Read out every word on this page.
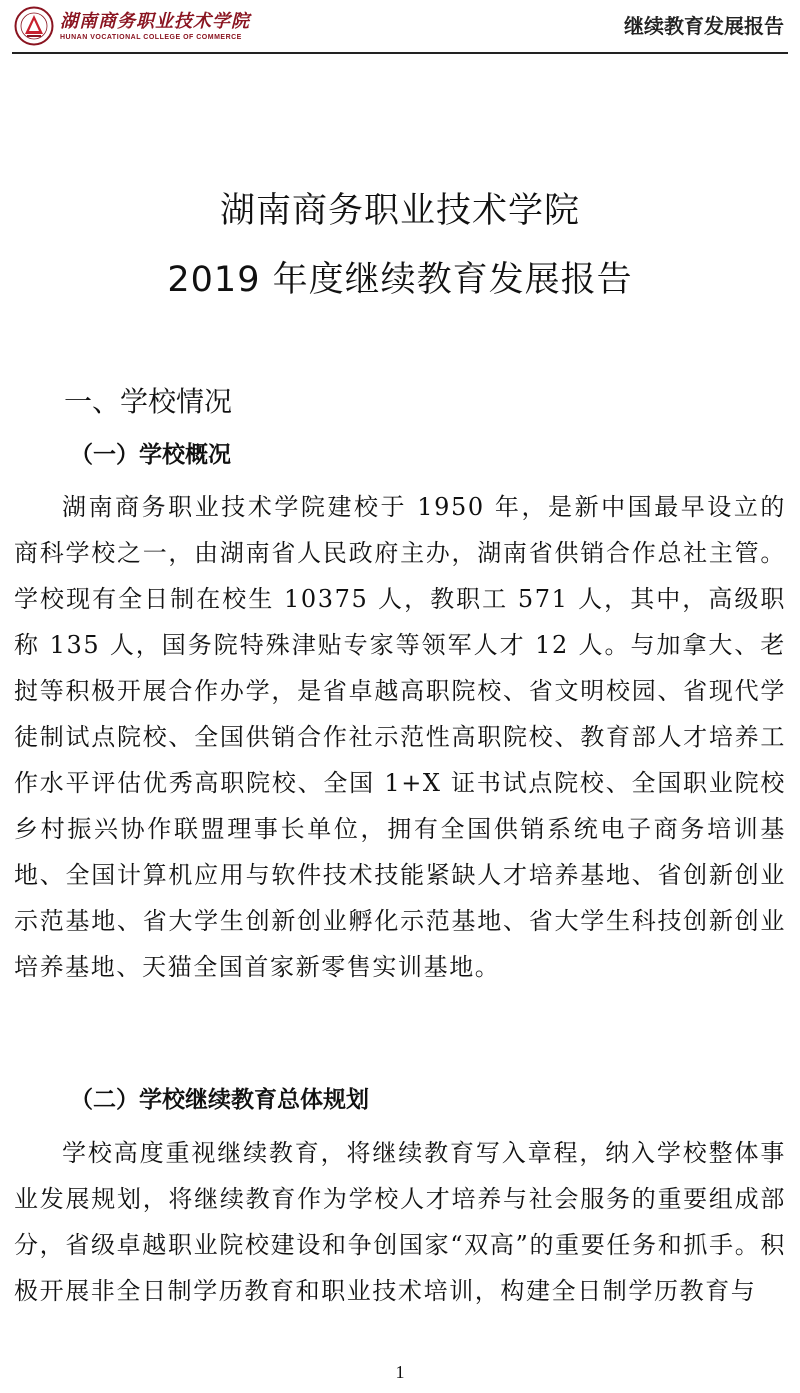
湖南商务职业技术学院
HUNAN VOCATIONAL COLLEGE OF COMMERCE	继续教育发展报告
湖南商务职业技术学院
2019 年度继续教育发展报告
一、学校情况
（一）学校概况

湖南商务职业技术学院建校于 1950 年，是新中国最早设立的商科学校之一，由湖南省人民政府主办，湖南省供销合作总社主管。学校现有全日制在校生 10375 人，教职工 571 人，其中，高级职称 135 人，国务院特殊津贴专家等领军人才 12 人。与加拿大、老挝等积极开展合作办学，是省卓越高职院校、省文明校园、省现代学徒制试点院校、全国供销合作社示范性高职院校、教育部人才培养工作水平评估优秀高职院校、全国 1+X 证书试点院校、全国职业院校乡村振兴协作联盟理事长单位，拥有全国供销系统电子商务培训基地、全国计算机应用与软件技术技能紧缺人才培养基地、省创新创业示范基地、省大学生创新创业孵化示范基地、省大学生科技创新创业培养基地、天猫全国首家新零售实训基地。

（二）学校继续教育总体规划

学校高度重视继续教育，将继续教育写入章程，纳入学校整体事业发展规划，将继续教育作为学校人才培养与社会服务的重要组成部分，省级卓越职业院校建设和争创国家“双高”的重要任务和抓手。积极开展非全日制学历教育和职业技术培训，构建全日制学历教育与

1
